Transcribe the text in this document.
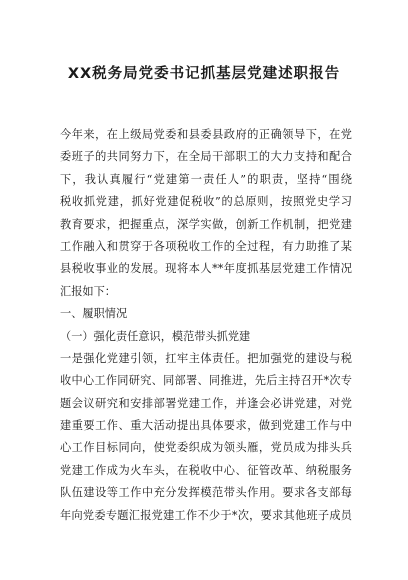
XX税务局党委书记抓基层党建述职报告
今年来，在上级局党委和县委县政府的正确领导下，在党
委班子的共同努力下，在全局干部职工的大力支持和配合
下，我认真履行“党建第一责任人”的职责，坚持“围绕
税收抓党建，抓好党建促税收”的总原则，按照党史学习
教育要求，把握重点，深学实做，创新工作机制，把党建
工作融入和贯穿于各项税收工作的全过程，有力助推了某
县税收事业的发展。现将本人**年度抓基层党建工作情况
汇报如下：
一、履职情况
（一）强化责任意识，模范带头抓党建
一是强化党建引领，扛牢主体责任。把加强党的建设与税
收中心工作同研究、同部署、同推进，先后主持召开*次专
题会议研究和安排部署党建工作，并逢会必讲党建，对党
建重要工作、重大活动提出具体要求，做到党建工作与中
心工作目标同向，使党委织成为领头雁，党员成为排头兵
党建工作成为火车头，在税收中心、征管改革、纳税服务
队伍建设等工作中充分发挥模范带头作用。要求各支部每
年向党委专题汇报党建工作不少于*次，要求其他班子成员
